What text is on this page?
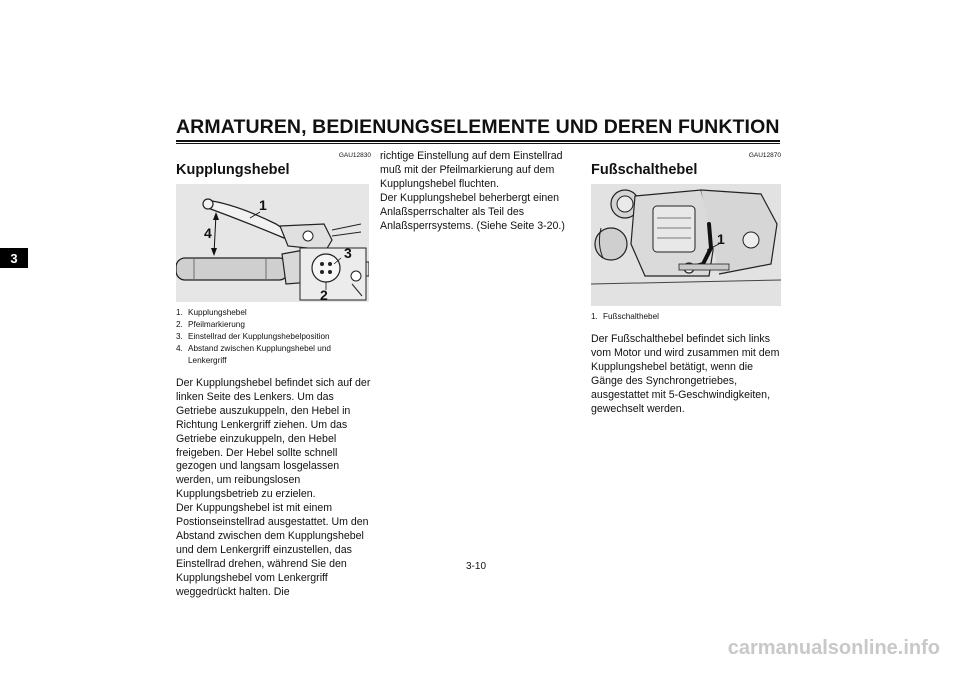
ARMATUREN, BEDIENUNGSELEMENTE UND DEREN FUNKTION
3
GAU12830
Kupplungshebel
1
4
3
2
1. Kupplungshebel
2. Pfeilmarkierung
3. Einstellrad der Kupplungshebelposition
4. Abstand zwischen Kupplungshebel und Lenkergriff

Der Kupplungshebel befindet sich auf der linken Seite des Lenkers. Um das Getriebe auszukuppeln, den Hebel in Richtung Lenkergriff ziehen. Um das Getriebe einzukuppeln, den Hebel freigeben. Der Hebel sollte schnell gezogen und langsam losgelassen werden, um reibungslosen Kupplungsbetrieb zu erzielen.

Der Kuppungshebel ist mit einem Postionseinstellrad ausgestattet. Um den Abstand zwischen dem Kupplungshebel und dem Lenkergriff einzustellen, das Einstellrad drehen, während Sie den Kupplungshebel vom Lenkergriff weggedrückt halten. Die

richtige Einstellung auf dem Einstellrad muß mit der Pfeilmarkierung auf dem Kupplungshebel fluchten.

Der Kupplungshebel beherbergt einen Anlaßsperrschalter als Teil des Anlaßsperrsystems. (Siehe Seite 3-20.)

GAU12870
Fußschalthebel
1
1. Fußschalthebel

Der Fußschalthebel befindet sich links vom Motor und wird zusammen mit dem Kupplungshebel betätigt, wenn die Gänge des Synchrongetriebes, ausgestattet mit 5-Geschwindigkeiten, gewechselt werden.

3-10
carmanualsonline.info
